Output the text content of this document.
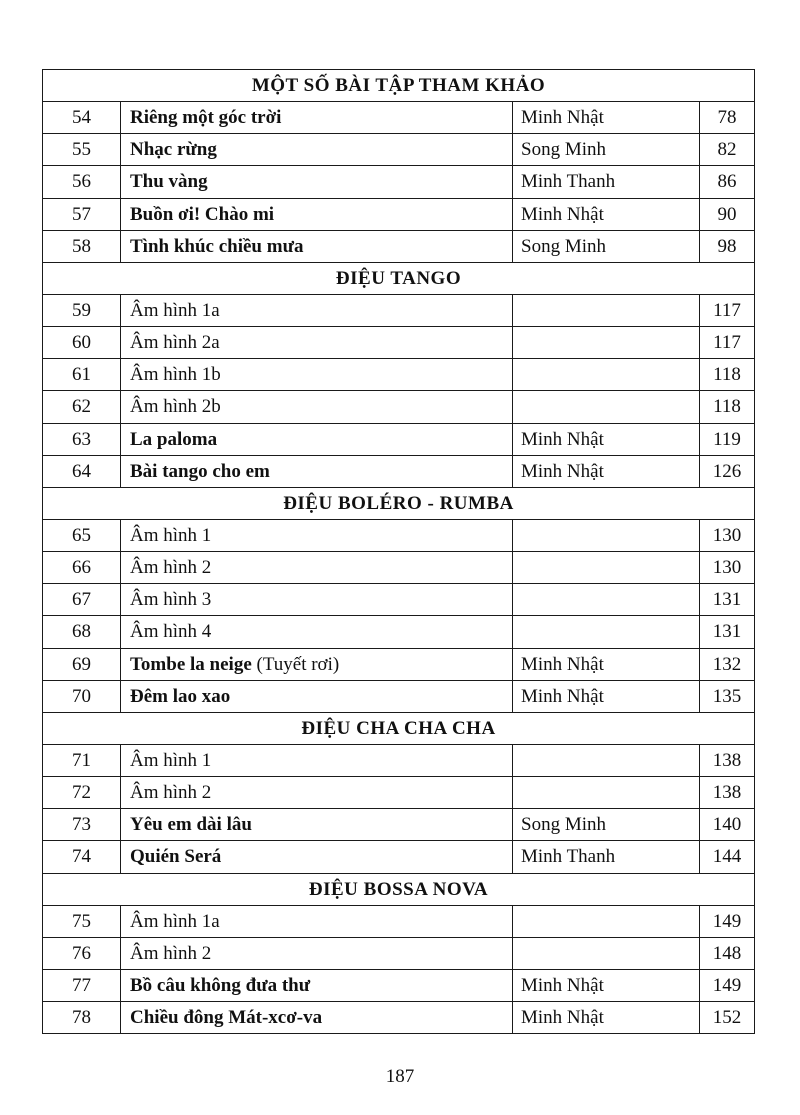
MỘT SỐ BÀI TẬP THAM KHẢO			
54	Riêng một góc trời	Minh Nhật	78
55	Nhạc rừng	Song Minh	82
56	Thu vàng	Minh Thanh	86
57	Buồn ơi! Chào mi	Minh Nhật	90
58	Tình khúc chiều mưa	Song Minh	98
ĐIỆU TANGO			
59	Âm hình 1a		117
60	Âm hình 2a		117
61	Âm hình 1b		118
62	Âm hình 2b		118
63	La paloma	Minh Nhật	119
64	Bài tango cho em	Minh Nhật	126
ĐIỆU BOLÉRO - RUMBA			
65	Âm hình 1		130
66	Âm hình 2		130
67	Âm hình 3		131
68	Âm hình 4		131
69	Tombe la neige (Tuyết rơi)	Minh Nhật	132
70	Đêm lao xao	Minh Nhật	135
ĐIỆU CHA CHA CHA			
71	Âm hình 1		138
72	Âm hình 2		138
73	Yêu em dài lâu	Song Minh	140
74	Quién Será	Minh Thanh	144
ĐIỆU BOSSA NOVA			
75	Âm hình 1a		149
76	Âm hình 2		148
77	Bồ câu không đưa thư	Minh Nhật	149
78	Chiều đông Mát-xcơ-va	Minh Nhật	152
187
